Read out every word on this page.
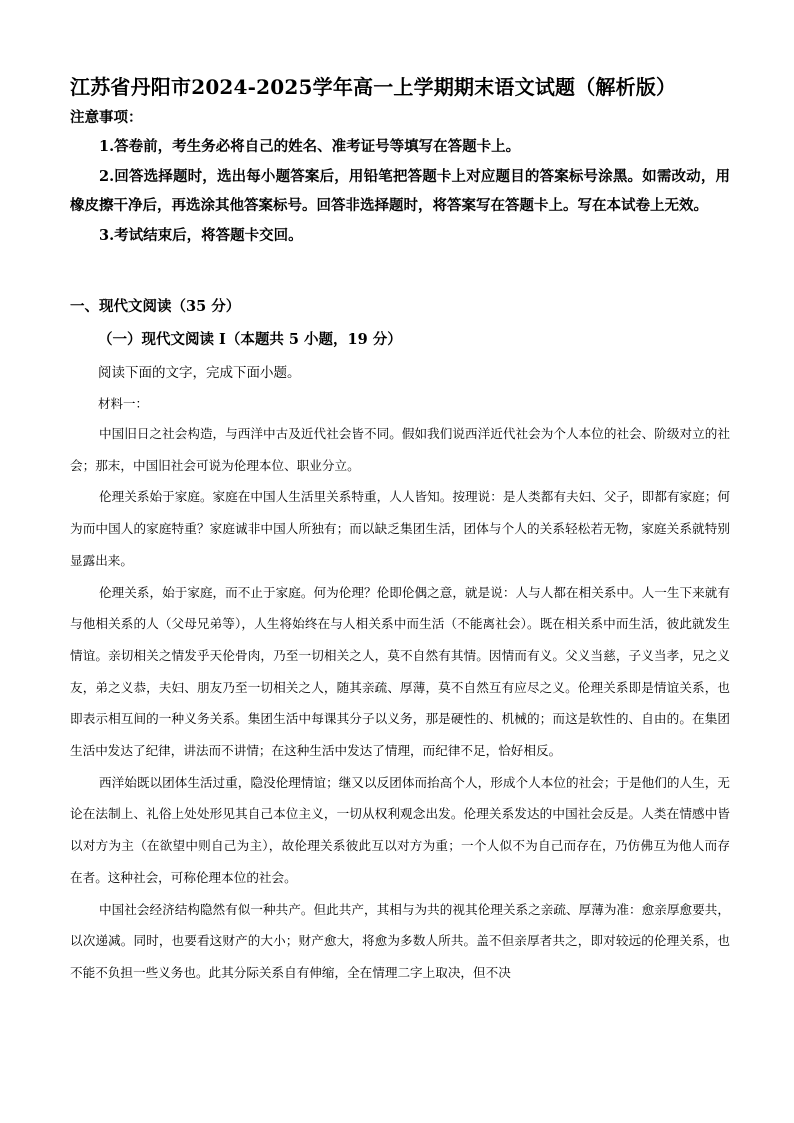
江苏省丹阳市2024-2025学年高一上学期期末语文试题（解析版）
注意事项：

1.答卷前，考生务必将自己的姓名、准考证号等填写在答题卡上。

2.回答选择题时，选出每小题答案后，用铅笔把答题卡上对应题目的答案标号涂黑。如需改动，用橡皮擦干净后，再选涂其他答案标号。回答非选择题时，将答案写在答题卡上。写在本试卷上无效。

3.考试结束后，将答题卡交回。

一、现代文阅读（35 分）
（一）现代文阅读 I（本题共 5 小题，19 分）
阅读下面的文字，完成下面小题。
材料一：

中国旧日之社会构造，与西洋中古及近代社会皆不同。假如我们说西洋近代社会为个人本位的社会、阶级对立的社会；那末，中国旧社会可说为伦理本位、职业分立。

伦理关系始于家庭。家庭在中国人生活里关系特重，人人皆知。按理说：是人类都有夫妇、父子，即都有家庭；何为而中国人的家庭特重？家庭诚非中国人所独有；而以缺乏集团生活，团体与个人的关系轻松若无物，家庭关系就特别显露出来。

伦理关系，始于家庭，而不止于家庭。何为伦理？伦即伦偶之意，就是说：人与人都在相关系中。人一生下来就有与他相关系的人（父母兄弟等），人生将始终在与人相关系中而生活（不能离社会）。既在相关系中而生活，彼此就发生情谊。亲切相关之情发乎天伦骨肉，乃至一切相关之人，莫不自然有其情。因情而有义。父义当慈，子义当孝，兄之义友，弟之义恭，夫妇、朋友乃至一切相关之人，随其亲疏、厚薄，莫不自然互有应尽之义。伦理关系即是情谊关系，也即表示相互间的一种义务关系。集团生活中每课其分子以义务，那是硬性的、机械的；而这是软性的、自由的。在集团生活中发达了纪律，讲法而不讲情；在这种生活中发达了情理，而纪律不足，恰好相反。

西洋始既以团体生活过重，隐没伦理情谊；继又以反团体而抬高个人，形成个人本位的社会；于是他们的人生，无论在法制上、礼俗上处处形见其自己本位主义，一切从权利观念出发。伦理关系发达的中国社会反是。人类在情感中皆以对方为主（在欲望中则自己为主），故伦理关系彼此互以对方为重；一个人似不为自己而存在，乃仿佛互为他人而存在者。这种社会，可称伦理本位的社会。

中国社会经济结构隐然有似一种共产。但此共产，其相与为共的视其伦理关系之亲疏、厚薄为准：愈亲厚愈要共，以次递减。同时，也要看这财产的大小；财产愈大，将愈为多数人所共。盖不但亲厚者共之，即对较远的伦理关系，也不能不负担一些义务也。此其分际关系自有伸缩，全在情理二字上取决，但不决
